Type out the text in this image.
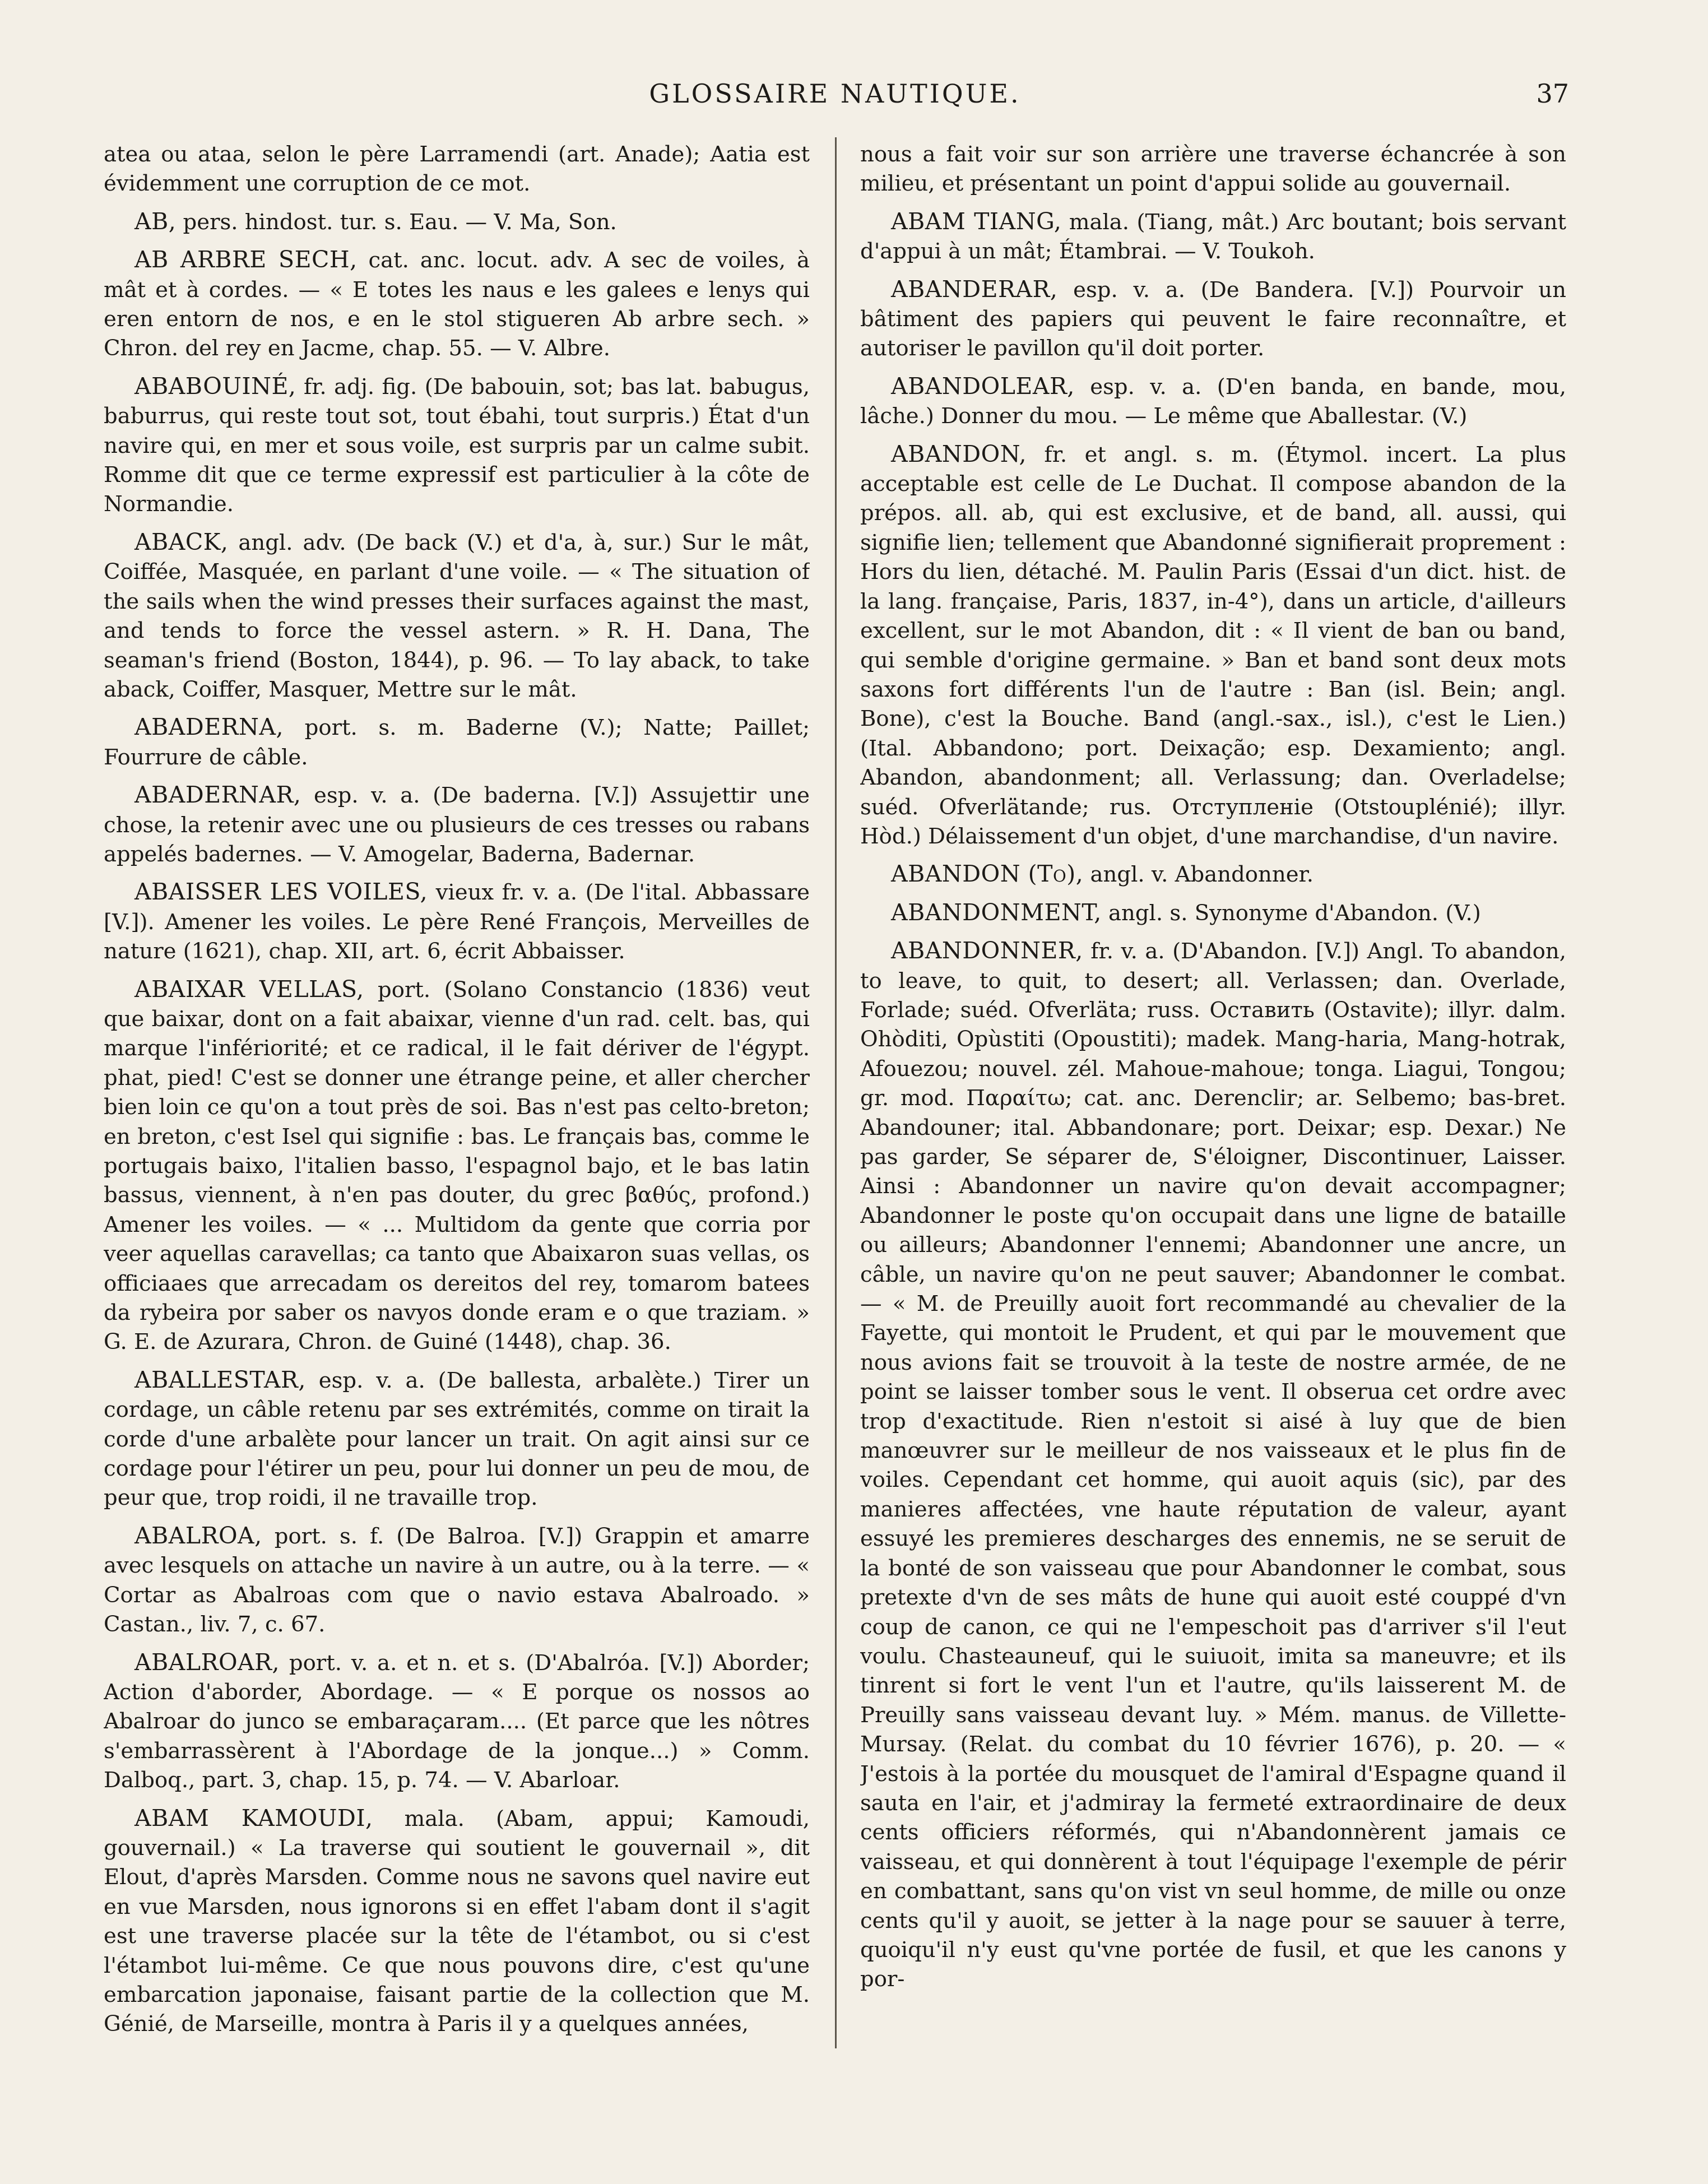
GLOSSAIRE NAUTIQUE.	37

atea ou ataa, selon le père Larramendi (art. Anade); Aatia est évidemment une corruption de ce mot.

AB, pers. hindost. tur. s. Eau. — V. Ma, Son.

AB ARBRE SECH, cat. anc. locut. adv. A sec de voiles, à mât et à cordes. — « E totes les naus e les galees e lenys qui eren entorn de nos, e en le stol stigueren Ab arbre sech. » Chron. del rey en Jacme, chap. 55. — V. Albre.

ABABOUINÉ, fr. adj. fig. (De babouin, sot; bas lat. babugus, baburrus, qui reste tout sot, tout ébahi, tout surpris.) État d'un navire qui, en mer et sous voile, est surpris par un calme subit. Romme dit que ce terme expressif est particulier à la côte de Normandie.

ABACK, angl. adv. (De back (V.) et d'a, à, sur.) Sur le mât, Coiffée, Masquée, en parlant d'une voile. — « The situation of the sails when the wind presses their surfaces against the mast, and tends to force the vessel astern. » R. H. Dana, The seaman's friend (Boston, 1844), p. 96. — To lay aback, to take aback, Coiffer, Masquer, Mettre sur le mât.

ABADERNA, port. s. m. Baderne (V.); Natte; Paillet; Fourrure de câble.

ABADERNAR, esp. v. a. (De baderna. [V.]) Assujettir une chose, la retenir avec une ou plusieurs de ces tresses ou rabans appelés badernes. — V. Amogelar, Baderna, Badernar.

ABAISSER LES VOILES, vieux fr. v. a. (De l'ital. Abbassare [V.]). Amener les voiles. Le père René François, Merveilles de nature (1621), chap. XII, art. 6, écrit Abbaisser.

ABAIXAR VELLAS, port. (Solano Constancio (1836) veut que baixar, dont on a fait abaixar, vienne d'un rad. celt. bas, qui marque l'infériorité; et ce radical, il le fait dériver de l'égypt. phat, pied! C'est se donner une étrange peine, et aller chercher bien loin ce qu'on a tout près de soi. Bas n'est pas celto-breton; en breton, c'est Isel qui signifie : bas. Le français bas, comme le portugais baixo, l'italien basso, l'espagnol bajo, et le bas latin bassus, viennent, à n'en pas douter, du grec βαθύς, profond.) Amener les voiles. — « ... Multidom da gente que corria por veer aquellas caravellas; ca tanto que Abaixaron suas vellas, os officiaaes que arrecadam os dereitos del rey, tomarom batees da rybeira por saber os navyos donde eram e o que traziam. » G. E. de Azurara, Chron. de Guiné (1448), chap. 36.

ABALLESTAR, esp. v. a. (De ballesta, arbalète.) Tirer un cordage, un câble retenu par ses extrémités, comme on tirait la corde d'une arbalète pour lancer un trait. On agit ainsi sur ce cordage pour l'étirer un peu, pour lui donner un peu de mou, de peur que, trop roidi, il ne travaille trop.

ABALROA, port. s. f. (De Balroa. [V.]) Grappin et amarre avec lesquels on attache un navire à un autre, ou à la terre. — « Cortar as Abalroas com que o navio estava Abalroado. » Castan., liv. 7, c. 67.

ABALROAR, port. v. a. et n. et s. (D'Abalróa. [V.]) Aborder; Action d'aborder, Abordage. — « E porque os nossos ao Abalroar do junco se embaraçaram.... (Et parce que les nôtres s'embarrassèrent à l'Abordage de la jonque...) » Comm. Dalboq., part. 3, chap. 15, p. 74. — V. Abarloar.

ABAM KAMOUDI, mala. (Abam, appui; Kamoudi, gouvernail.) « La traverse qui soutient le gouvernail », dit Elout, d'après Marsden. Comme nous ne savons quel navire eut en vue Marsden, nous ignorons si en effet l'abam dont il s'agit est une traverse placée sur la tête de l'étambot, ou si c'est l'étambot lui-même. Ce que nous pouvons dire, c'est qu'une embarcation japonaise, faisant partie de la collection que M. Génié, de Marseille, montra à Paris il y a quelques années,

nous a fait voir sur son arrière une traverse échancrée à son milieu, et présentant un point d'appui solide au gouvernail.

ABAM TIANG, mala. (Tiang, mât.) Arc boutant; bois servant d'appui à un mât; Étambrai. — V. Toukoh.

ABANDERAR, esp. v. a. (De Bandera. [V.]) Pourvoir un bâtiment des papiers qui peuvent le faire reconnaître, et autoriser le pavillon qu'il doit porter.

ABANDOLEAR, esp. v. a. (D'en banda, en bande, mou, lâche.) Donner du mou. — Le même que Aballestar. (V.)

ABANDON, fr. et angl. s. m. (Étymol. incert. La plus acceptable est celle de Le Duchat. Il compose abandon de la prépos. all. ab, qui est exclusive, et de band, all. aussi, qui signifie lien; tellement que Abandonné signifierait proprement : Hors du lien, détaché. M. Paulin Paris (Essai d'un dict. hist. de la lang. française, Paris, 1837, in-4°), dans un article, d'ailleurs excellent, sur le mot Abandon, dit : « Il vient de ban ou band, qui semble d'origine germaine. » Ban et band sont deux mots saxons fort différents l'un de l'autre : Ban (isl. Bein; angl. Bone), c'est la Bouche. Band (angl.-sax., isl.), c'est le Lien.) (Ital. Abbandono; port. Deixação; esp. Dexamiento; angl. Abandon, abandonment; all. Verlassung; dan. Overladelse; suéd. Ofverlätande; rus. Отступленіе (Otstouplénié); illyr. Hòd.) Délaissement d'un objet, d'une marchandise, d'un navire.

ABANDON (To), angl. v. Abandonner.

ABANDONMENT, angl. s. Synonyme d'Abandon. (V.)

ABANDONNER, fr. v. a. (D'Abandon. [V.]) Angl. To abandon, to leave, to quit, to desert; all. Verlassen; dan. Overlade, Forlade; suéd. Ofverläta; russ. Оставить (Ostavite); illyr. dalm. Ohòditi, Opùstiti (Opoustiti); madek. Mang-haria, Mang-hotrak, Afouezou; nouvel. zél. Mahoue-mahoue; tonga. Liagui, Tongou; gr. mod. Παραίτω; cat. anc. Derenclir; ar. Selbemo; bas-bret. Abandouner; ital. Abbandonare; port. Deixar; esp. Dexar.) Ne pas garder, Se séparer de, S'éloigner, Discontinuer, Laisser. Ainsi : Abandonner un navire qu'on devait accompagner; Abandonner le poste qu'on occupait dans une ligne de bataille ou ailleurs; Abandonner l'ennemi; Abandonner une ancre, un câble, un navire qu'on ne peut sauver; Abandonner le combat. — « M. de Preuilly auoit fort recommandé au chevalier de la Fayette, qui montoit le Prudent, et qui par le mouvement que nous avions fait se trouvoit à la teste de nostre armée, de ne point se laisser tomber sous le vent. Il obserua cet ordre avec trop d'exactitude. Rien n'estoit si aisé à luy que de bien manœuvrer sur le meilleur de nos vaisseaux et le plus fin de voiles. Cependant cet homme, qui auoit aquis (sic), par des manieres affectées, vne haute réputation de valeur, ayant essuyé les premieres descharges des ennemis, ne se seruit de la bonté de son vaisseau que pour Abandonner le combat, sous pretexte d'vn de ses mâts de hune qui auoit esté couppé d'vn coup de canon, ce qui ne l'empeschoit pas d'arriver s'il l'eut voulu. Chasteauneuf, qui le suiuoit, imita sa maneuvre; et ils tinrent si fort le vent l'un et l'autre, qu'ils laisserent M. de Preuilly sans vaisseau devant luy. » Mém. manus. de Villette-Mursay. (Relat. du combat du 10 février 1676), p. 20. — « J'estois à la portée du mousquet de l'amiral d'Espagne quand il sauta en l'air, et j'admiray la fermeté extraordinaire de deux cents officiers réformés, qui n'Abandonnèrent jamais ce vaisseau, et qui donnèrent à tout l'équipage l'exemple de périr en combattant, sans qu'on vist vn seul homme, de mille ou onze cents qu'il y auoit, se jetter à la nage pour se sauuer à terre, quoiqu'il n'y eust qu'vne portée de fusil, et que les canons y por-
